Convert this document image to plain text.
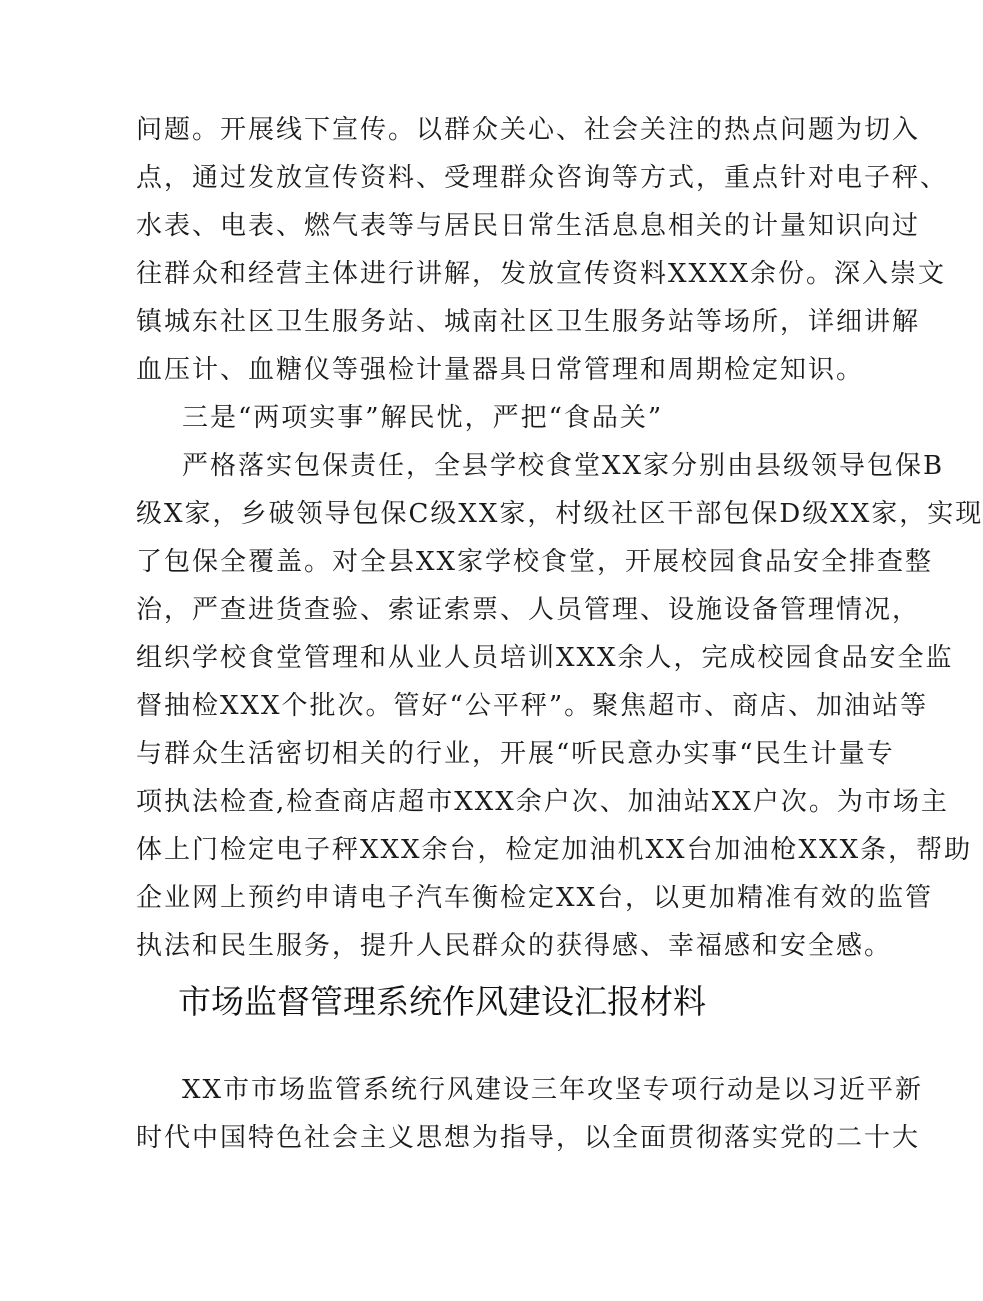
问题。开展线下宣传。以群众关心、社会关注的热点问题为切入
点，通过发放宣传资料、受理群众咨询等方式，重点针对电子秤、
水表、电表、燃气表等与居民日常生活息息相关的计量知识向过
往群众和经营主体进行讲解，发放宣传资料XXXX余份。深入崇文
镇城东社区卫生服务站、城南社区卫生服务站等场所，详细讲解
血压计、血糖仪等强检计量器具日常管理和周期检定知识。
三是“两项实事”解民忧，严把“食品关”
严格落实包保责任，全县学校食堂XX家分别由县级领导包保B
级X家，乡破领导包保C级XX家，村级社区干部包保D级XX家，实现
了包保全覆盖。对全县XX家学校食堂，开展校园食品安全排查整
治，严查进货查验、索证索票、人员管理、设施设备管理情况，
组织学校食堂管理和从业人员培训XXX余人，完成校园食品安全监
督抽检XXX个批次。管好“公平秤”。聚焦超市、商店、加油站等
与群众生活密切相关的行业，开展“听民意办实事“民生计量专
项执法检查,检查商店超市XXX余户次、加油站XX户次。为市场主
体上门检定电子秤XXX余台，检定加油机XX台加油枪XXX条，帮助
企业网上预约申请电子汽车衡检定XX台，以更加精准有效的监管
执法和民生服务，提升人民群众的获得感、幸福感和安全感。
市场监督管理系统作风建设汇报材料
XX市市场监管系统行风建设三年攻坚专项行动是以习近平新
时代中国特色社会主义思想为指导，以全面贯彻落实党的二十大
